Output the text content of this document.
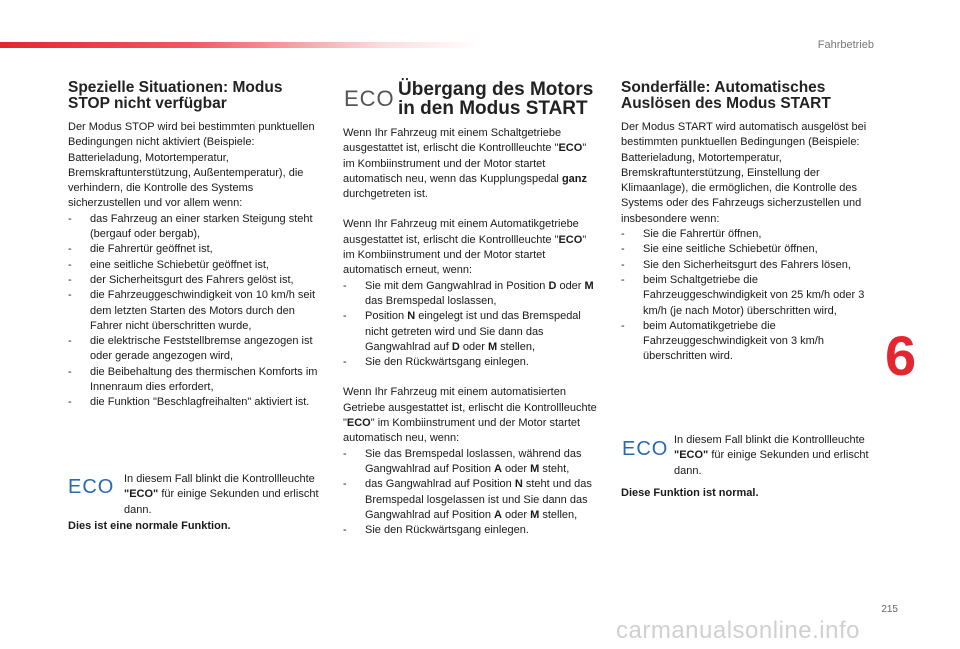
Fahrbetrieb
6
215
carmanualsonline.info
Spezielle Situationen: Modus STOP nicht verfügbar

Der Modus STOP wird bei bestimmten punktuellen Bedingungen nicht aktiviert (Beispiele: Batterieladung, Motortemperatur, Bremskraftunterstützung, Außentemperatur), die verhindern, die Kontrolle des Systems sicherzustellen und vor allem wenn:

- das Fahrzeug an einer starken Steigung steht (bergauf oder bergab),
- die Fahrertür geöffnet ist,
- eine seitliche Schiebetür geöffnet ist,
- der Sicherheitsgurt des Fahrers gelöst ist,
- die Fahrzeuggeschwindigkeit von 10 km/h seit dem letzten Starten des Motors durch den Fahrer nicht überschritten wurde,
- die elektrische Feststellbremse angezogen ist oder gerade angezogen wird,
- die Beibehaltung des thermischen Komforts im Innenraum dies erfordert,
- die Funktion "Beschlagfreihalten" aktiviert ist.
ECO In diesem Fall blinkt die Kontrollleuchte "ECO" für einige Sekunden und erlischt dann.
Dies ist eine normale Funktion.
ECO Übergang des Motors in den Modus START

Wenn Ihr Fahrzeug mit einem Schaltgetriebe ausgestattet ist, erlischt die Kontrollleuchte "ECO" im Kombiinstrument und der Motor startet automatisch neu, wenn das Kupplungspedal ganz durchgetreten ist.

Wenn Ihr Fahrzeug mit einem Automatikgetriebe ausgestattet ist, erlischt die Kontrollleuchte "ECO" im Kombiinstrument und der Motor startet automatisch erneut, wenn:

- Sie mit dem Gangwahlrad in Position D oder M das Bremspedal loslassen,
- Position N eingelegt ist und das Bremspedal nicht getreten wird und Sie dann das Gangwahlrad auf D oder M stellen,
- Sie den Rückwärtsgang einlegen.

Wenn Ihr Fahrzeug mit einem automatisierten Getriebe ausgestattet ist, erlischt die Kontrollleuchte "ECO" im Kombiinstrument und der Motor startet automatisch neu, wenn:

- Sie das Bremspedal loslassen, während das Gangwahlrad auf Position A oder M steht,
- das Gangwahlrad auf Position N steht und das Bremspedal losgelassen ist und Sie dann das Gangwahlrad auf Position A oder M stellen,
- Sie den Rückwärtsgang einlegen.
Sonderfälle: Automatisches Auslösen des Modus START

Der Modus START wird automatisch ausgelöst bei bestimmten punktuellen Bedingungen (Beispiele: Batterieladung, Motortemperatur, Bremskraftunterstützung, Einstellung der Klimaanlage), die ermöglichen, die Kontrolle des Systems oder des Fahrzeugs sicherzustellen und insbesondere wenn:

- Sie die Fahrertür öffnen,
- Sie eine seitliche Schiebetür öffnen,
- Sie den Sicherheitsgurt des Fahrers lösen,
- beim Schaltgetriebe die Fahrzeuggeschwindigkeit von 25 km/h oder 3 km/h (je nach Motor) überschritten wird,
- beim Automatikgetriebe die Fahrzeuggeschwindigkeit von 3 km/h überschritten wird.
ECO In diesem Fall blinkt die Kontrollleuchte "ECO" für einige Sekunden und erlischt dann.
Diese Funktion ist normal.
